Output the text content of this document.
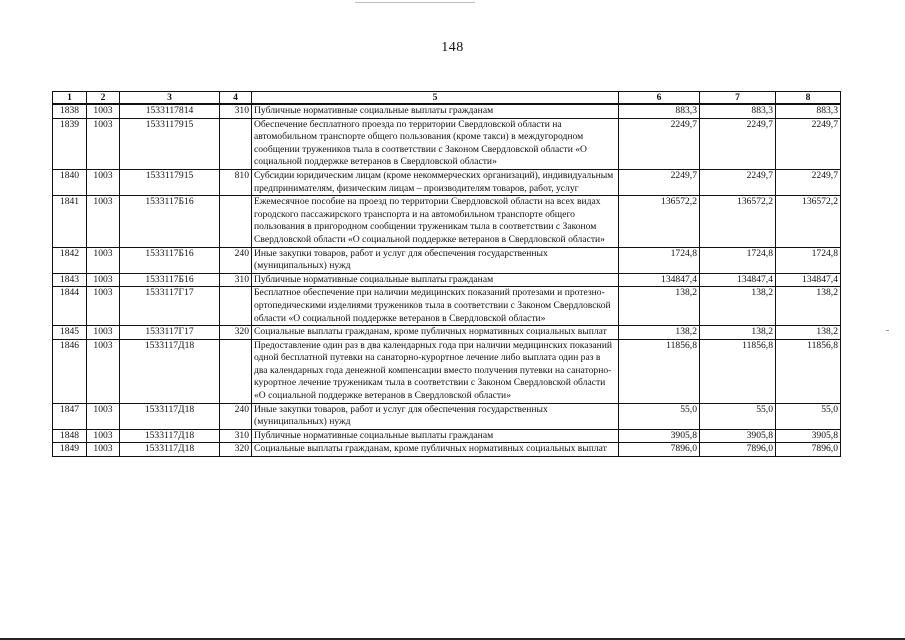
148
1	2	3	4	5	6	7	8
1838	1003	1533117814	310	Публичные нормативные социальные выплаты гражданам	883,3	883,3	883,3
1839	1003	1533117915		Обеспечение бесплатного проезда по территории Свердловской области на автомобильном транспорте общего пользования (кроме такси) в междугородном сообщении тружеников тыла в соответствии с Законом Свердловской области «О социальной поддержке ветеранов в Свердловской области»	2249,7	2249,7	2249,7
1840	1003	1533117915	810	Субсидии юридическим лицам (кроме некоммерческих организаций), индивидуальным предпринимателям, физическим лицам – производителям товаров, работ, услуг	2249,7	2249,7	2249,7
1841	1003	1533117Б16		Ежемесячное пособие на проезд по территории Свердловской области на всех видах городского пассажирского транспорта и на автомобильном транспорте общего пользования в пригородном сообщении труженикам тыла в соответствии с Законом Свердловской области «О социальной поддержке ветеранов в Свердловской области»	136572,2	136572,2	136572,2
1842	1003	1533117Б16	240	Иные закупки товаров, работ и услуг для обеспечения государственных (муниципальных) нужд	1724,8	1724,8	1724,8
1843	1003	1533117Б16	310	Публичные нормативные социальные выплаты гражданам	134847,4	134847,4	134847,4
1844	1003	1533117Г17		Бесплатное обеспечение при наличии медицинских показаний протезами и протезно-ортопедическими изделиями тружеников тыла в соответствии с Законом Свердловской области «О социальной поддержке ветеранов в Свердловской области»	138,2	138,2	138,2
1845	1003	1533117Г17	320	Социальные выплаты гражданам, кроме публичных нормативных социальных выплат	138,2	138,2	138,2
1846	1003	1533117Д18		Предоставление один раз в два календарных года при наличии медицинских показаний одной бесплатной путевки на санаторно-курортное лечение либо выплата один раз в два календарных года денежной компенсации вместо получения путевки на санаторно-курортное лечение труженикам тыла в соответствии с Законом Свердловской области «О социальной поддержке ветеранов в Свердловской области»	11856,8	11856,8	11856,8
1847	1003	1533117Д18	240	Иные закупки товаров, работ и услуг для обеспечения государственных (муниципальных) нужд	55,0	55,0	55,0
1848	1003	1533117Д18	310	Публичные нормативные социальные выплаты гражданам	3905,8	3905,8	3905,8
1849	1003	1533117Д18	320	Социальные выплаты гражданам, кроме публичных нормативных социальных выплат	7896,0	7896,0	7896,0
